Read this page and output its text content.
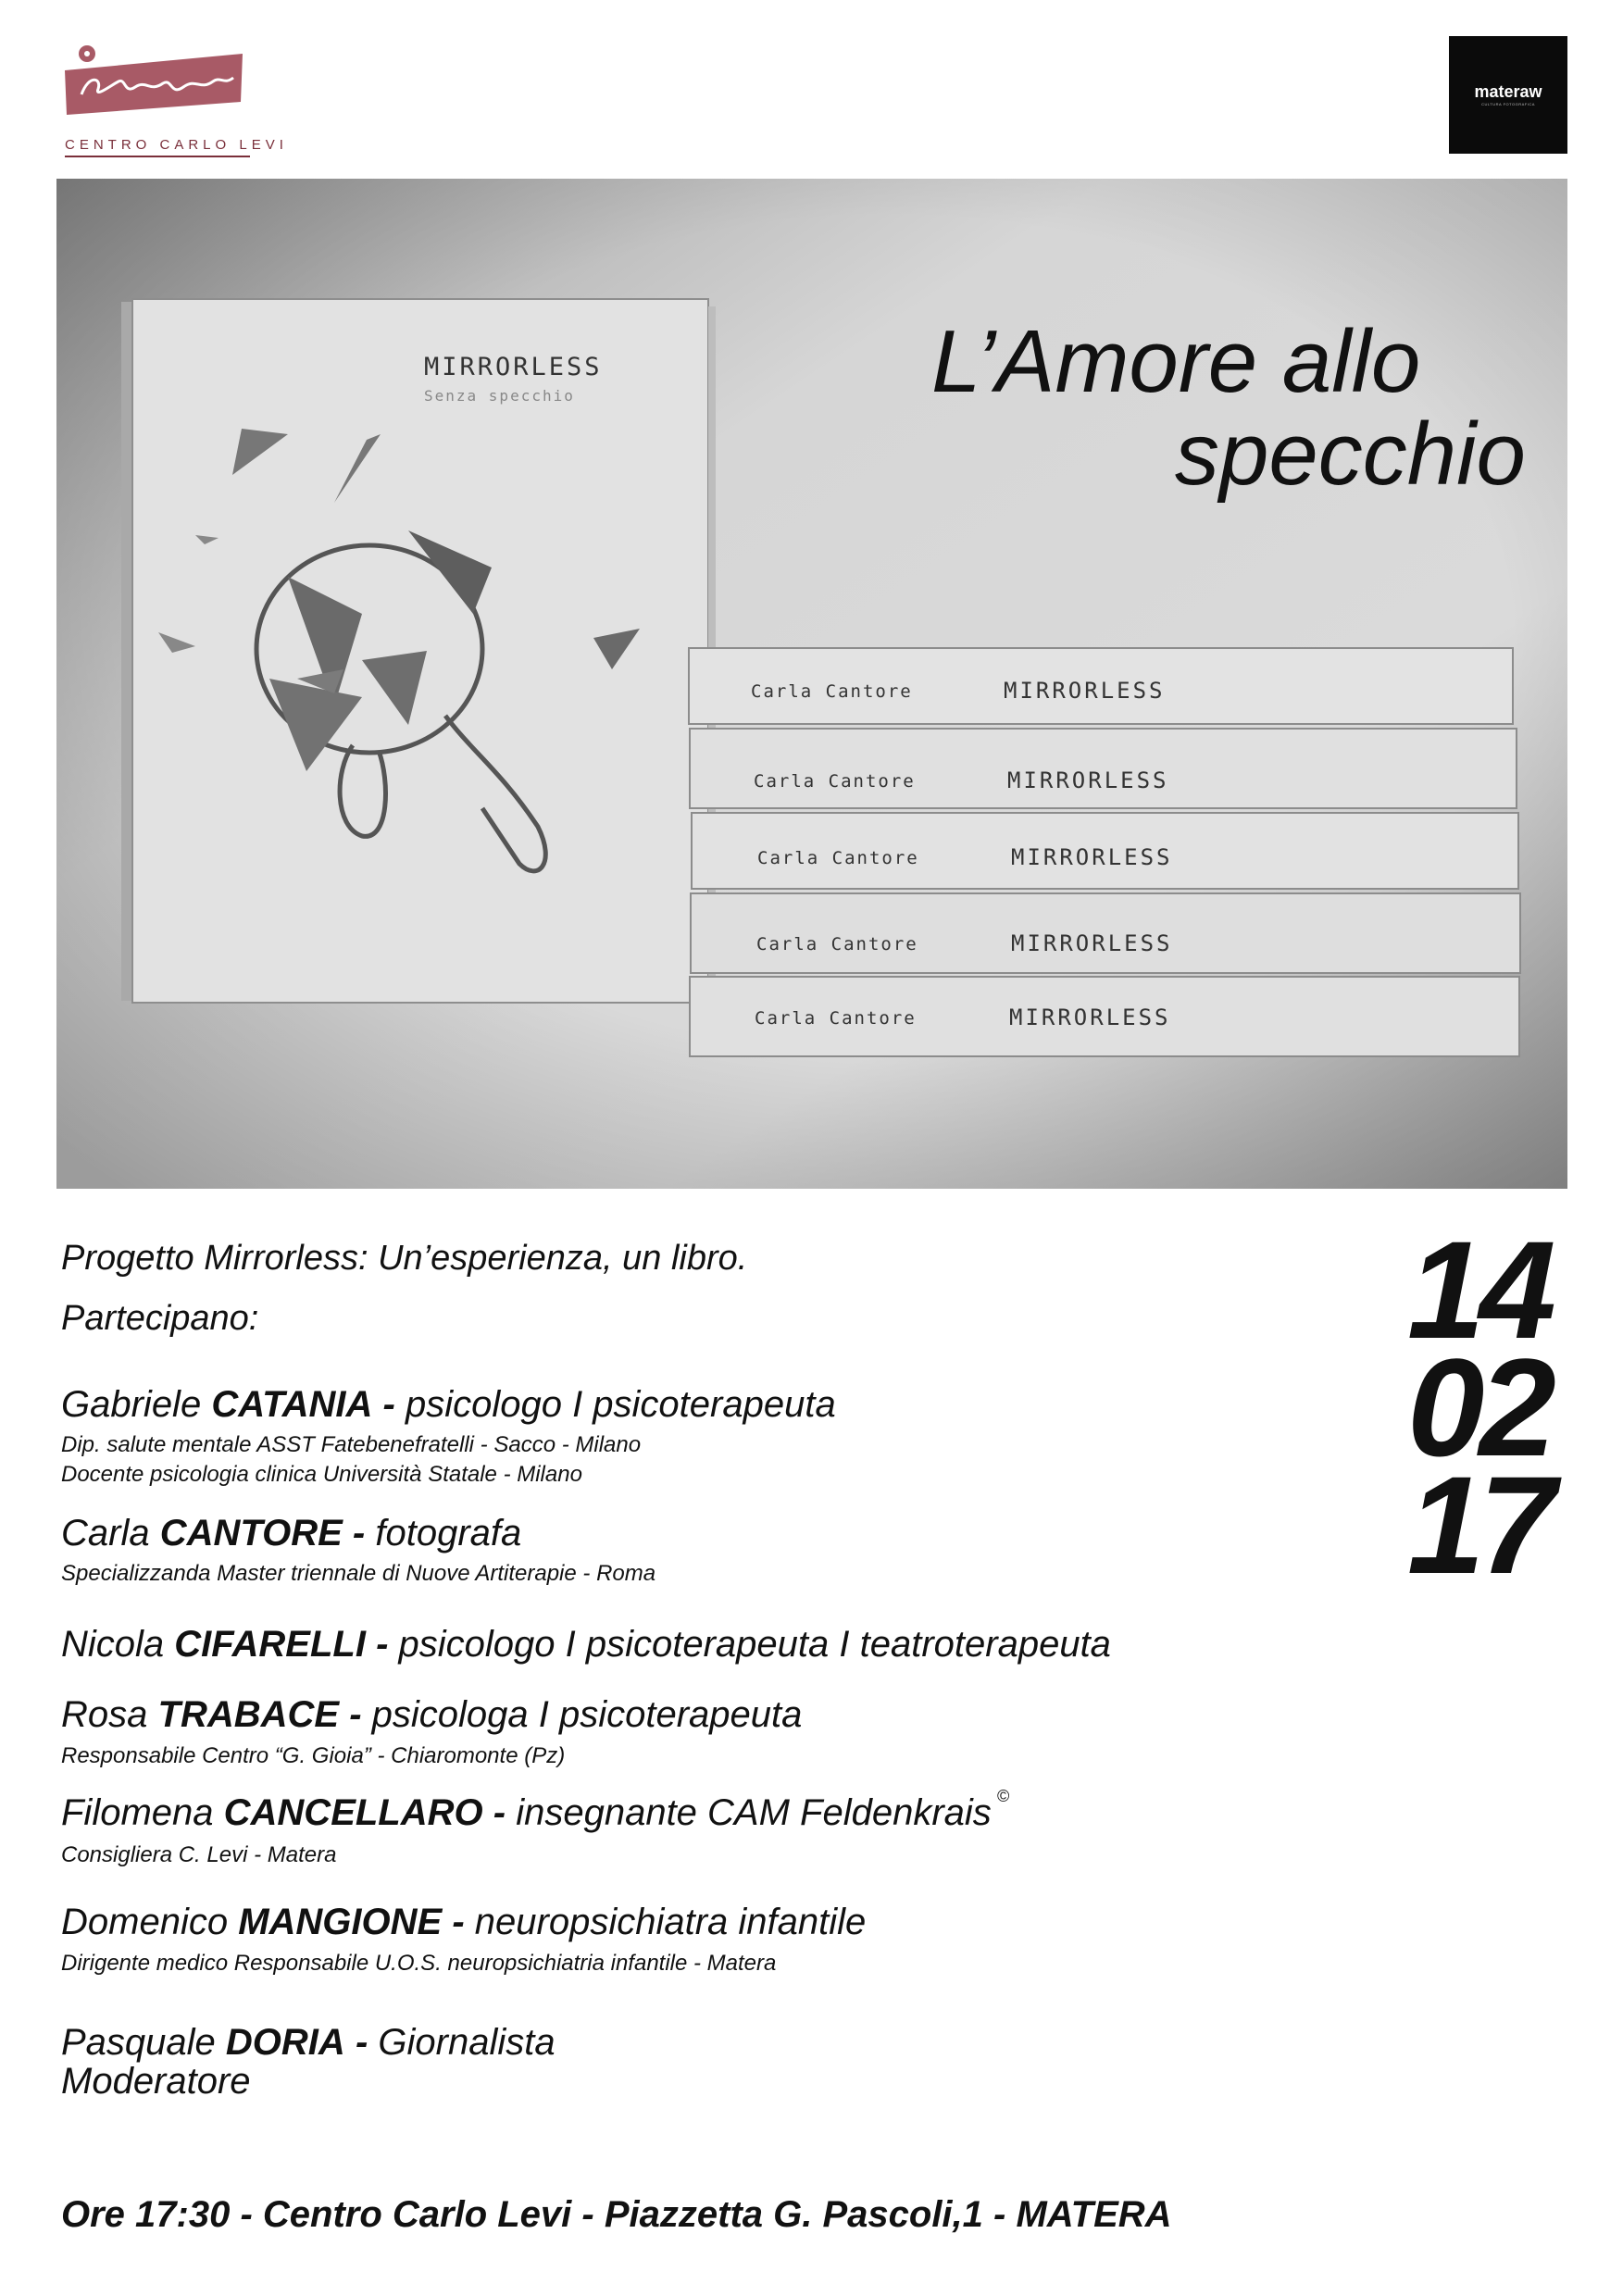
CENTRO CARLO LEVI
materaw
CULTURA FOTOGRAFICA
MIRRORLESS
Senza specchio	L’Amore allo
specchio
Carla Cantore	MIRRORLESS
Carla Cantore	MIRRORLESS
Carla Cantore	MIRRORLESS
Carla Cantore	MIRRORLESS
Carla Cantore	MIRRORLESS
14
02
17
Progetto Mirrorless: Un’esperienza, un libro.
Partecipano:
Gabriele CATANIA - psicologo I psicoterapeuta
Dip. salute mentale ASST Fatebenefratelli - Sacco - Milano
Docente psicologia clinica Università Statale - Milano
Carla CANTORE - fotografa
Specializzanda Master triennale di Nuove Artiterapie - Roma
Nicola CIFARELLI - psicologo I psicoterapeuta I teatroterapeuta
Rosa TRABACE - psicologa I psicoterapeuta
Responsabile Centro “G. Gioia” - Chiaromonte (Pz)
Filomena CANCELLARO - insegnante CAM Feldenkrais ©
Consigliera C. Levi - Matera
Domenico MANGIONE - neuropsichiatra infantile
Dirigente medico Responsabile U.O.S. neuropsichiatria infantile - Matera
Pasquale DORIA - Giornalista
Moderatore
Ore 17:30 - Centro Carlo Levi - Piazzetta G. Pascoli,1 - MATERA
